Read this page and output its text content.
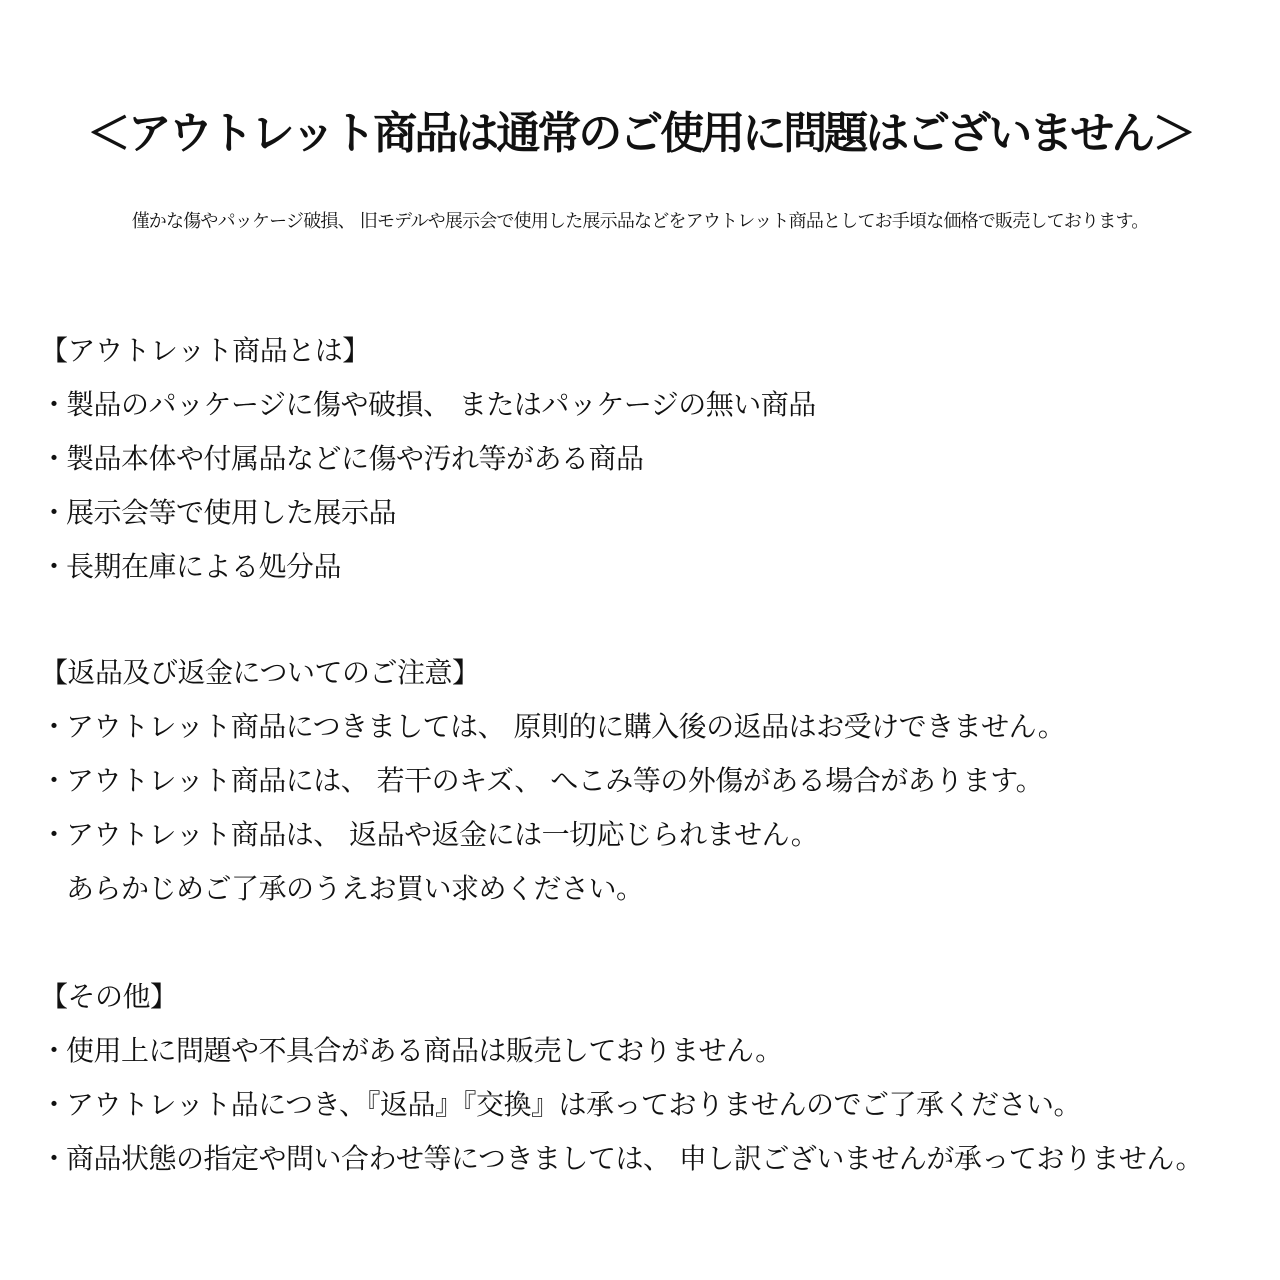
＜アウトレット商品は通常のご使用に問題はございません＞
僅かな傷やパッケージ破損、 旧モデルや展示会で使用した展示品などをアウトレット商品としてお手頃な価格で販売しております。
【アウトレット商品とは】
・
製品のパッケージに傷や破損、 またはパッケージの無い商品
・
製品本体や付属品などに傷や汚れ等がある商品
・
展示会等で使用した展示品
・
長期在庫による処分品
【返品及び返金についてのご注意】
・
アウトレット商品につきましては、 原則的に購入後の返品はお受けできません。
・
アウトレット商品には、 若干のキズ、 へこみ等の外傷がある場合があります。
・
アウトレット商品は、 返品や返金には一切応じられません。
あらかじめご了承のうえお買い求めください。
【その他】
・
使用上に問題や不具合がある商品は販売しておりません。
・
アウトレット品につき、『返品』『交換』は承っておりませんのでご了承ください。
・
商品状態の指定や問い合わせ等につきましては、 申し訳ございませんが承っておりません。
